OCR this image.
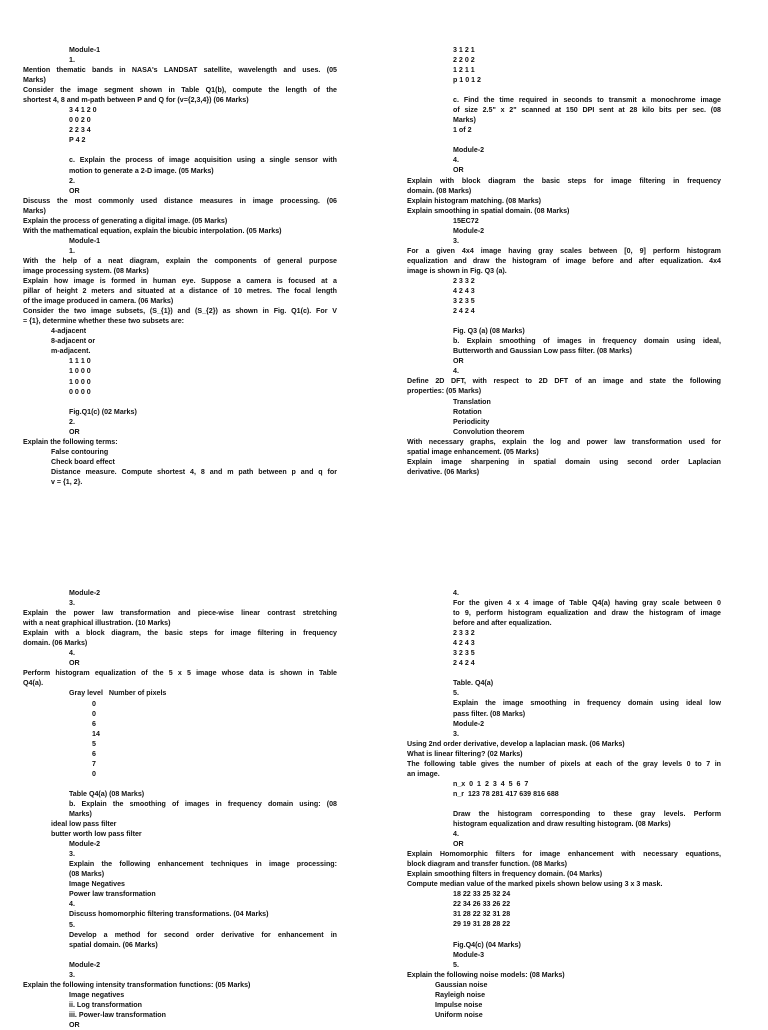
Module-1
1.
Mention thematic bands in NASA's LANDSAT satellite, wavelength and uses. (05
Marks)
Consider the image segment shown in Table Q1(b), compute the length of the
shortest 4, 8 and m-path between P and Q for (v={2,3,4}) (06 Marks)
3 4 1 2 0
0 0 2 0
2 2 3 4
P 4 2
c. Explain the process of image acquisition using a single sensor with
motion to generate a 2-D image. (05 Marks)
2.
OR
Discuss the most commonly used distance measures in image processing. (06
Marks)
Explain the process of generating a digital image. (05 Marks)
With the mathematical equation, explain the bicubic interpolation. (05 Marks)
Module-1
1.
With the help of a neat diagram, explain the components of general purpose
image processing system. (08 Marks)
Explain how image is formed in human eye. Suppose a camera is focused at a
pillar of height 2 meters and situated at a distance of 10 metres. The focal length
of the image produced in camera. (06 Marks)
Consider the two image subsets, (S_{1}) and (S_{2}) as shown in Fig. Q1(c). For V
= {1}, determine whether these two subsets are:
4-adjacent
8-adjacent or
m-adjacent.
1 1 1 0
1 0 0 0
1 0 0 0
0 0 0 0
Fig.Q1(c) (02 Marks)
2.
OR
Explain the following terms:
False contouring
Check board effect
Distance measure. Compute shortest 4, 8 and m path between p and q for
v = {1, 2}.
3 1 2 1
2 2 0 2
1 2 1 1
p 1 0 1 2
c. Find the time required in seconds to transmit a monochrome image
of size 2.5" x 2" scanned at 150 DPI sent at 28 kilo bits per sec. (08
Marks)
1 of 2
Module-2
4.
OR
Explain with block diagram the basic steps for image filtering in frequency
domain. (08 Marks)
Explain histogram matching. (08 Marks)
Explain smoothing in spatial domain. (08 Marks)
15EC72
Module-2
3.
For a given 4x4 image having gray scales between [0, 9] perform histogram
equalization and draw the histogram of image before and after equalization. 4x4
image is shown in Fig. Q3 (a).
2 3 3 2
4 2 4 3
3 2 3 5
2 4 2 4
Fig. Q3 (a) (08 Marks)
b. Explain smoothing of images in frequency domain using ideal,
Butterworth and Gaussian Low pass filter. (08 Marks)
OR
4.
Define 2D DFT, with respect to 2D DFT of an image and state the following
properties: (05 Marks)
Translation
Rotation
Periodicity
Convolution theorem
With necessary graphs, explain the log and power law transformation used for
spatial image enhancement. (05 Marks)
Explain image sharpening in spatial domain using second order Laplacian
derivative. (06 Marks)
Module-2
3.
Explain the power law transformation and piece-wise linear contrast stretching
with a neat graphical illustration. (10 Marks)
Explain with a block diagram, the basic steps for image filtering in frequency
domain. (06 Marks)
4.
OR
Perform histogram equalization of the 5 x 5 image whose data is shown in Table
Q4(a).
Gray level   Number of pixels
0
0
6
14
5
6
7
0
Table Q4(a) (08 Marks)
b. Explain the smoothing of images in frequency domain using: (08
Marks)
ideal low pass filter
butter worth low pass filter
Module-2
3.
Explain the following enhancement techniques in image processing:
(08 Marks)
Image Negatives
Power law transformation
4.
Discuss homomorphic filtering transformations. (04 Marks)
5.
Develop a method for second order derivative for enhancement in
spatial domain. (06 Marks)
Module-2
3.
Explain the following intensity transformation functions: (05 Marks)
Image negatives
ii. Log transformation
iii. Power-law transformation
OR
4.
For the given 4 x 4 image of Table Q4(a) having gray scale between 0
to 9, perform histogram equalization and draw the histogram of image
before and after equalization.
2 3 3 2
4 2 4 3
3 2 3 5
2 4 2 4
Table. Q4(a)
5.
Explain the image smoothing in frequency domain using ideal low
pass filter. (08 Marks)
Module-2
3.
Using 2nd order derivative, develop a laplacian mask. (06 Marks)
What is linear filtering? (02 Marks)
The following table gives the number of pixels at each of the gray levels 0 to 7 in
an image.
n_x  0  1  2  3  4  5  6  7
n_r  123 78 281 417 639 816 688
Draw the histogram corresponding to these gray levels. Perform
histogram equalization and draw resulting histogram. (08 Marks)
4.
OR
Explain Homomorphic filters for image enhancement with necessary equations,
block diagram and transfer function. (08 Marks)
Explain smoothing filters in frequency domain. (04 Marks)
Compute median value of the marked pixels shown below using 3 x 3 mask.
18 22 33 25 32 24
22 34 26 33 26 22
31 28 22 32 31 28
29 19 31 28 28 22
Fig.Q4(c) (04 Marks)
Module-3
5.
Explain the following noise models: (08 Marks)
Gaussian noise
Rayleigh noise
Impulse noise
Uniform noise
